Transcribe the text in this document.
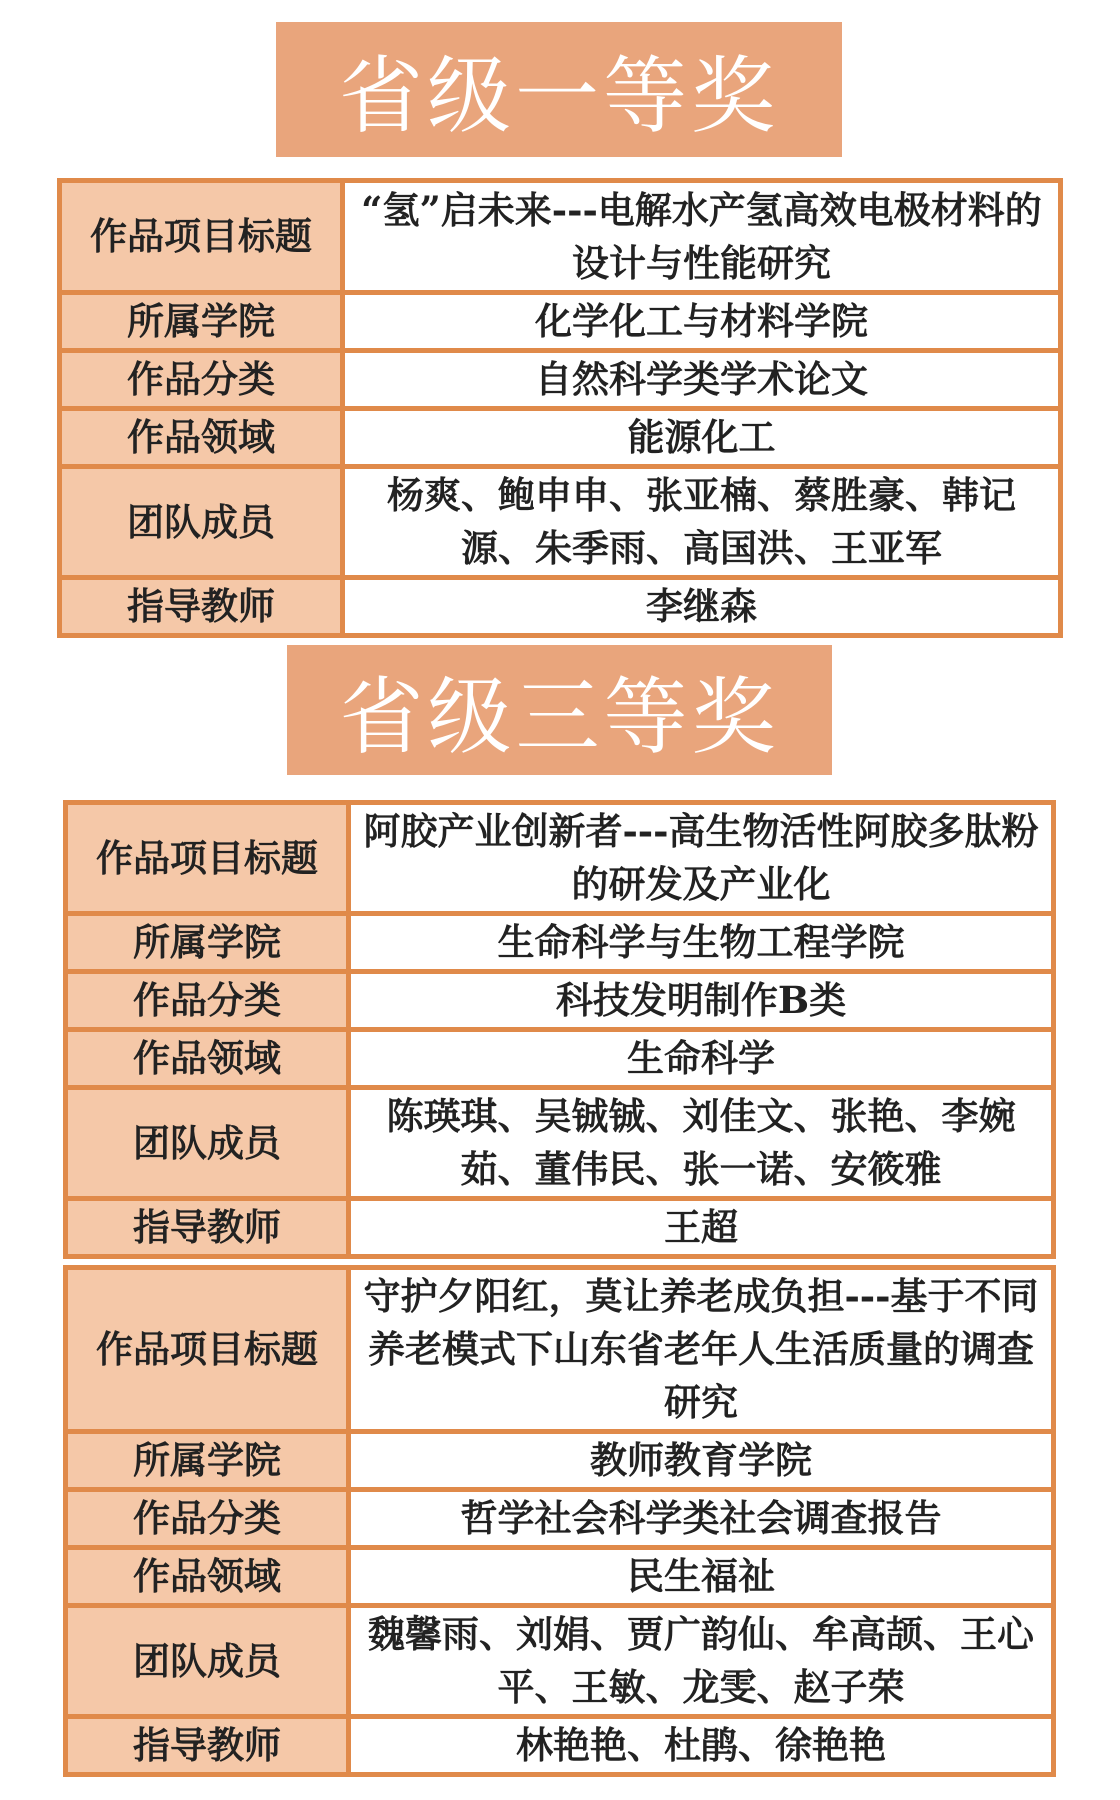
省级一等奖
作品项目标题	“氢”启未来---电解水产氢高效电极材料的设计与性能研究
所属学院	化学化工与材料学院
作品分类	自然科学类学术论文
作品领域	能源化工
团队成员	杨爽、鲍申申、张亚楠、蔡胜豪、韩记源、朱季雨、高国洪、王亚军
指导教师	李继森
省级三等奖
作品项目标题	阿胶产业创新者---高生物活性阿胶多肽粉的研发及产业化
所属学院	生命科学与生物工程学院
作品分类	科技发明制作B类
作品领域	生命科学
团队成员	陈瑛琪、吴铖铖、刘佳文、张艳、李婉茹、董伟民、张一诺、安筱雅
指导教师	王超
作品项目标题	守护夕阳红，莫让养老成负担---基于不同养老模式下山东省老年人生活质量的调查研究
所属学院	教师教育学院
作品分类	哲学社会科学类社会调查报告
作品领域	民生福祉
团队成员	魏馨雨、刘娟、贾广韵仙、牟高颉、王心平、王敏、龙雯、赵子荣
指导教师	林艳艳、杜鹃、徐艳艳
